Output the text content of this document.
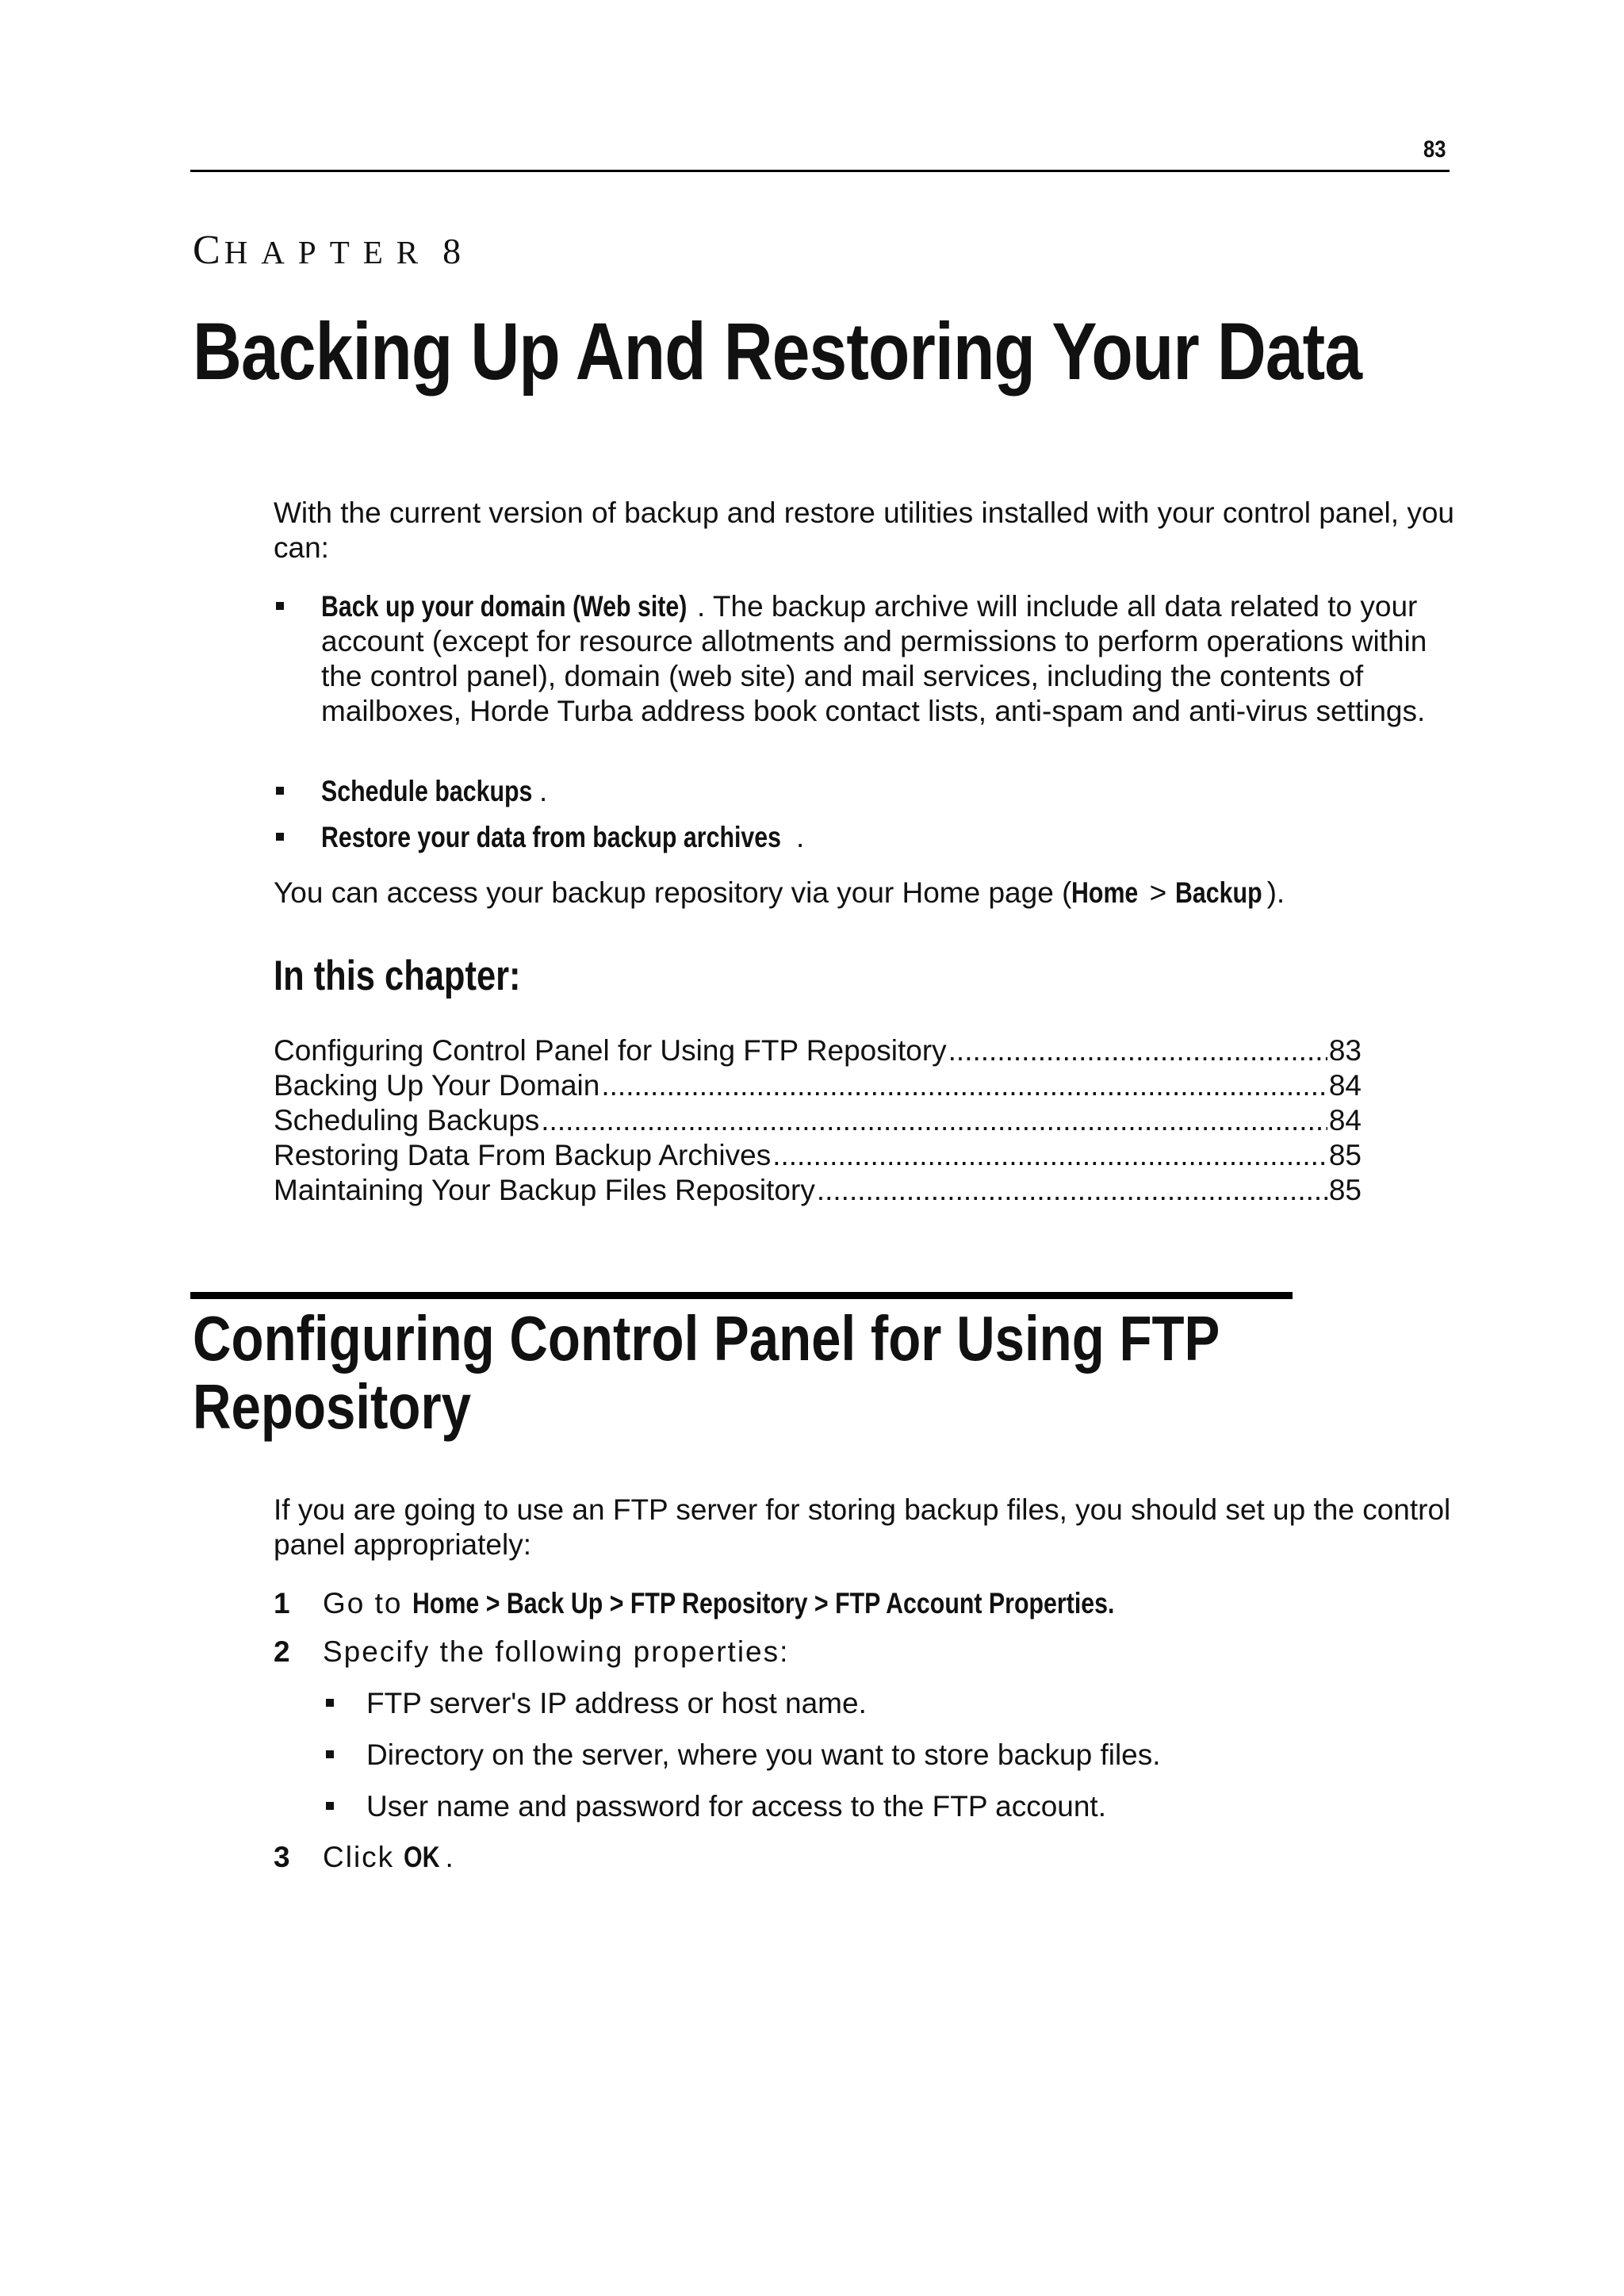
83
CHAPTER 8
Backing Up And Restoring Your Data
With the current version of backup and restore utilities installed with your control panel, you can:
Back up your domain (Web site) . The backup archive will include all data related to your account (except for resource allotments and permissions to perform operations within the control panel), domain (web site) and mail services, including the contents of mailboxes, Horde Turba address book contact lists, anti-spam and anti-virus settings.
Schedule backups .
Restore your data from backup archives .
You can access your backup repository via your Home page (Home > Backup ).
In this chapter:
Configuring Control Panel for Using FTP Repository .....	83
Backing Up Your Domain .....	84
Scheduling Backups .....	84
Restoring Data From Backup Archives .....	85
Maintaining Your Backup Files Repository .....	85
Configuring Control Panel for Using FTP Repository
If you are going to use an FTP server for storing backup files, you should set up the control panel appropriately:
1 Go to Home > Back Up > FTP Repository > FTP Account Properties.
2 Specify the following properties:
FTP server's IP address or host name.
Directory on the server, where you want to store backup files.
User name and password for access to the FTP account.
3 Click OK .
